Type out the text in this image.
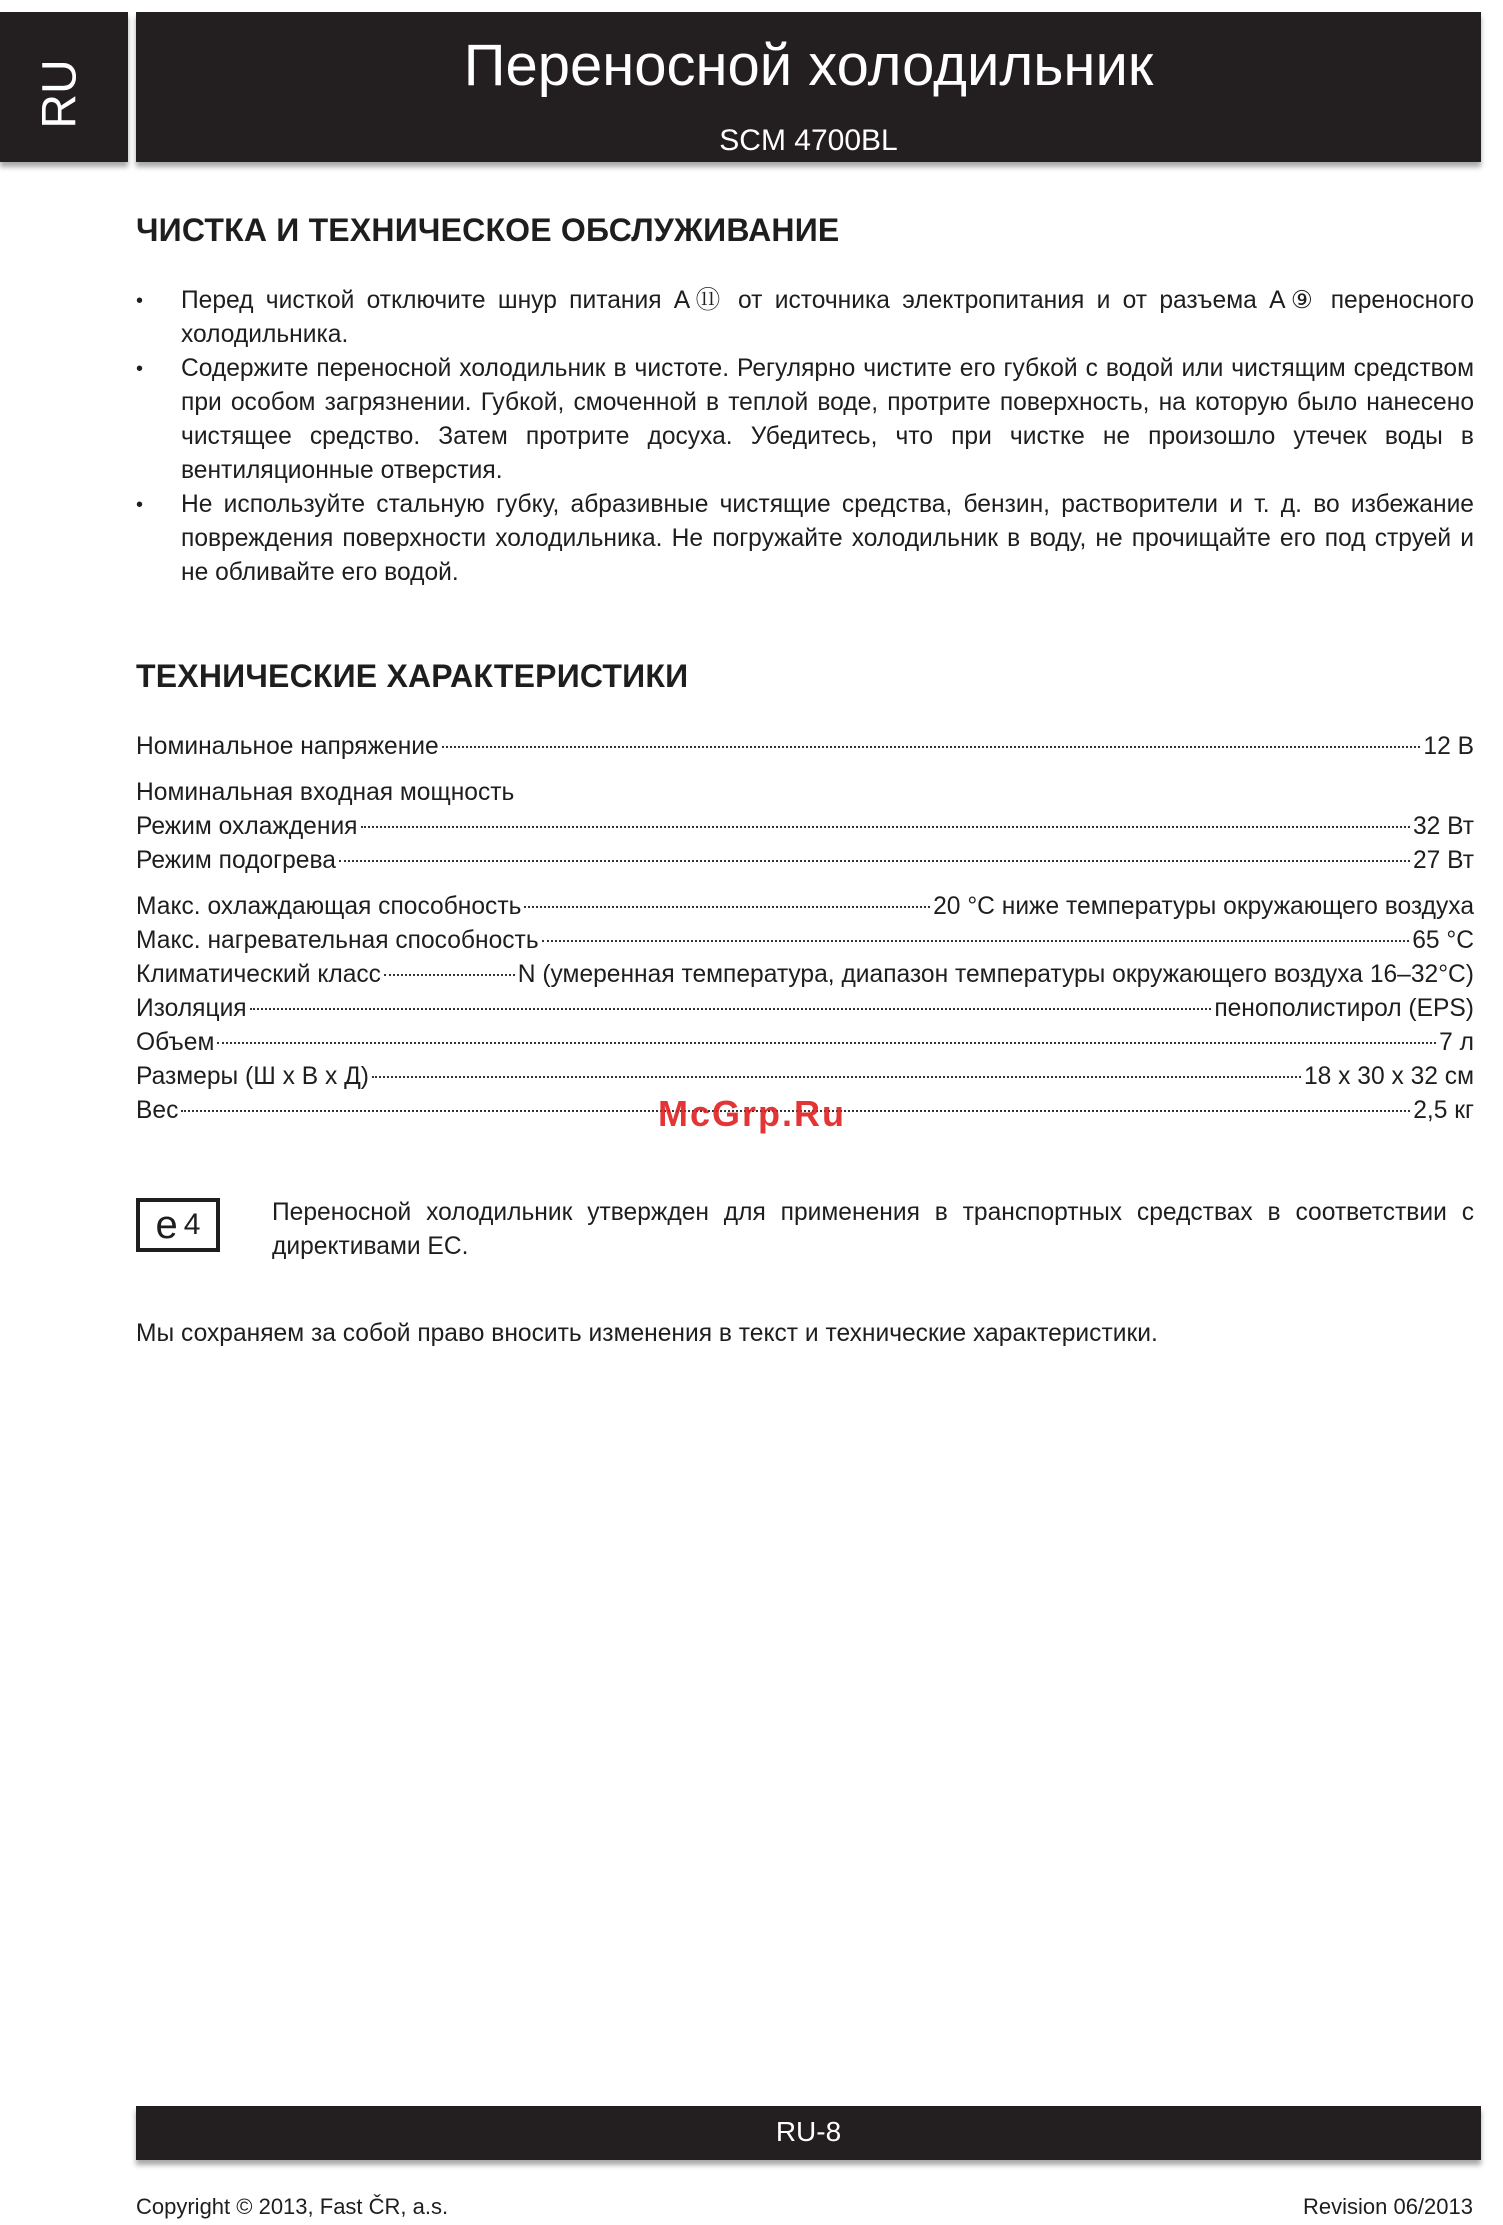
RU	Переносной холодильник
SCM 4700BL
ЧИСТКА И ТЕХНИЧЕСКОЕ ОБСЛУЖИВАНИЕ
• Перед чисткой отключите шнур питания A⑪ от источника электропитания и от разъема A⑨ переносного холодильника.
• Содержите переносной холодильник в чистоте. Регулярно чистите его губкой с водой или чистящим средством при особом загрязнении. Губкой, смоченной в теплой воде, протрите поверхность, на которую было нанесено чистящее средство. Затем протрите досуха. Убедитесь, что при чистке не произошло утечек воды в вентиляционные отверстия.
• Не используйте стальную губку, абразивные чистящие средства, бензин, растворители и т. д. во избежание повреждения поверхности холодильника. Не погружайте холодильник в воду, не прочищайте его под струей и не обливайте его водой.
ТЕХНИЧЕСКИЕ ХАРАКТЕРИСТИКИ
Номинальное напряжение	12 В
Номинальная входная мощность
Режим охлаждения	32 Вт
Режим подогрева	27 Вт
Макс. охлаждающая способность	20 °C ниже температуры окружающего воздуха
Макс. нагревательная способность	65 °C
Климатический класс	N (умеренная температура, диапазон температуры окружающего воздуха 16–32°C)
Изоляция	пенополистирол (EPS)
Объем	7 л
Размеры (Ш x В x Д)	18 x 30 x 32 см
Вес	2,5 кг
McGrp.Ru
e 4	Переносной холодильник утвержден для применения в транспортных средствах в соответствии с директивами ЕС.
Мы сохраняем за собой право вносить изменения в текст и технические характеристики.
RU-8
Copyright © 2013, Fast ČR, a.s.	Revision 06/2013
